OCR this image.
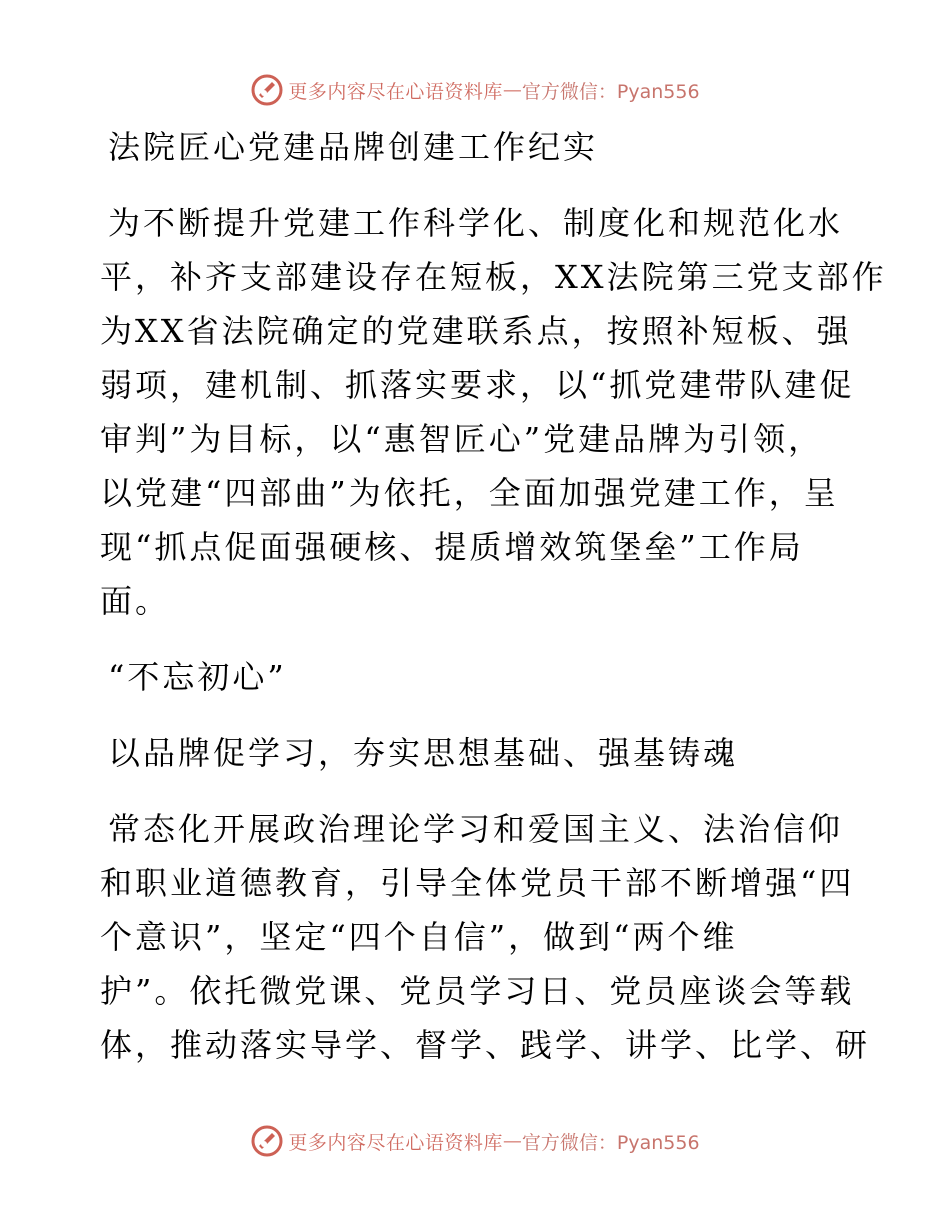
更多内容尽在心语资料库 — 官方微信：Pyan556
法院匠心党建品牌创建工作纪实
为不断提升党建工作科学化、制度化和规范化水
平，补齐支部建设存在短板，XX法院第三党支部作
为XX省法院确定的党建联系点，按照补短板、强
弱项，建机制、抓落实要求，以“抓党建带队建促
审判”为目标，以“惠智匠心”党建品牌为引领，
以党建“四部曲”为依托，全面加强党建工作，呈
现“抓点促面强硬核、提质增效筑堡垒”工作局
面。
“不忘初心”
以品牌促学习，夯实思想基础、强基铸魂
常态化开展政治理论学习和爱国主义、法治信仰
和职业道德教育，引导全体党员干部不断增强“四
个意识”，坚定“四个自信”，做到“两个维
护”。依托微党课、党员学习日、党员座谈会等载
体，推动落实导学、督学、践学、讲学、比学、研
更多内容尽在心语资料库 — 官方微信：Pyan556
